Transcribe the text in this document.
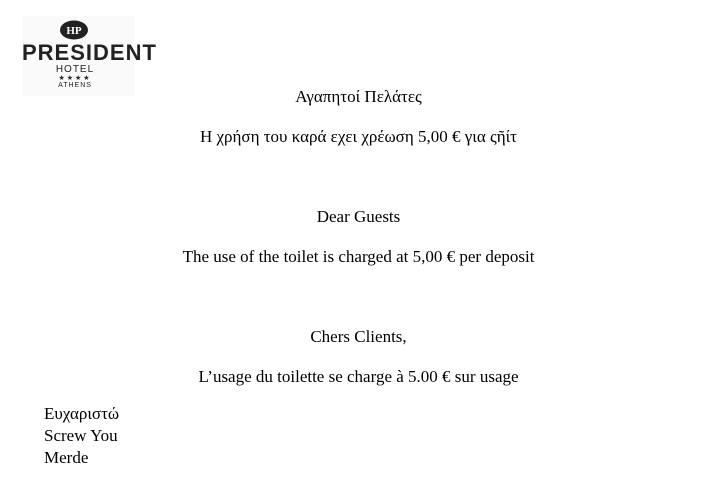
HP
PRESIDENT
HOTEL
★★★★
ATHENS
Αγαπητοί Πελάτες
Η χρήση του καρά εχει χρέωση 5,00 € για ςῆίτ
Dear Guests
The use of the toilet is charged at 5,00 € per deposit
Chers Clients,
L’usage du toilette se charge à 5.00 € sur usage
Ευχαριστώ
Screw You
Merde
